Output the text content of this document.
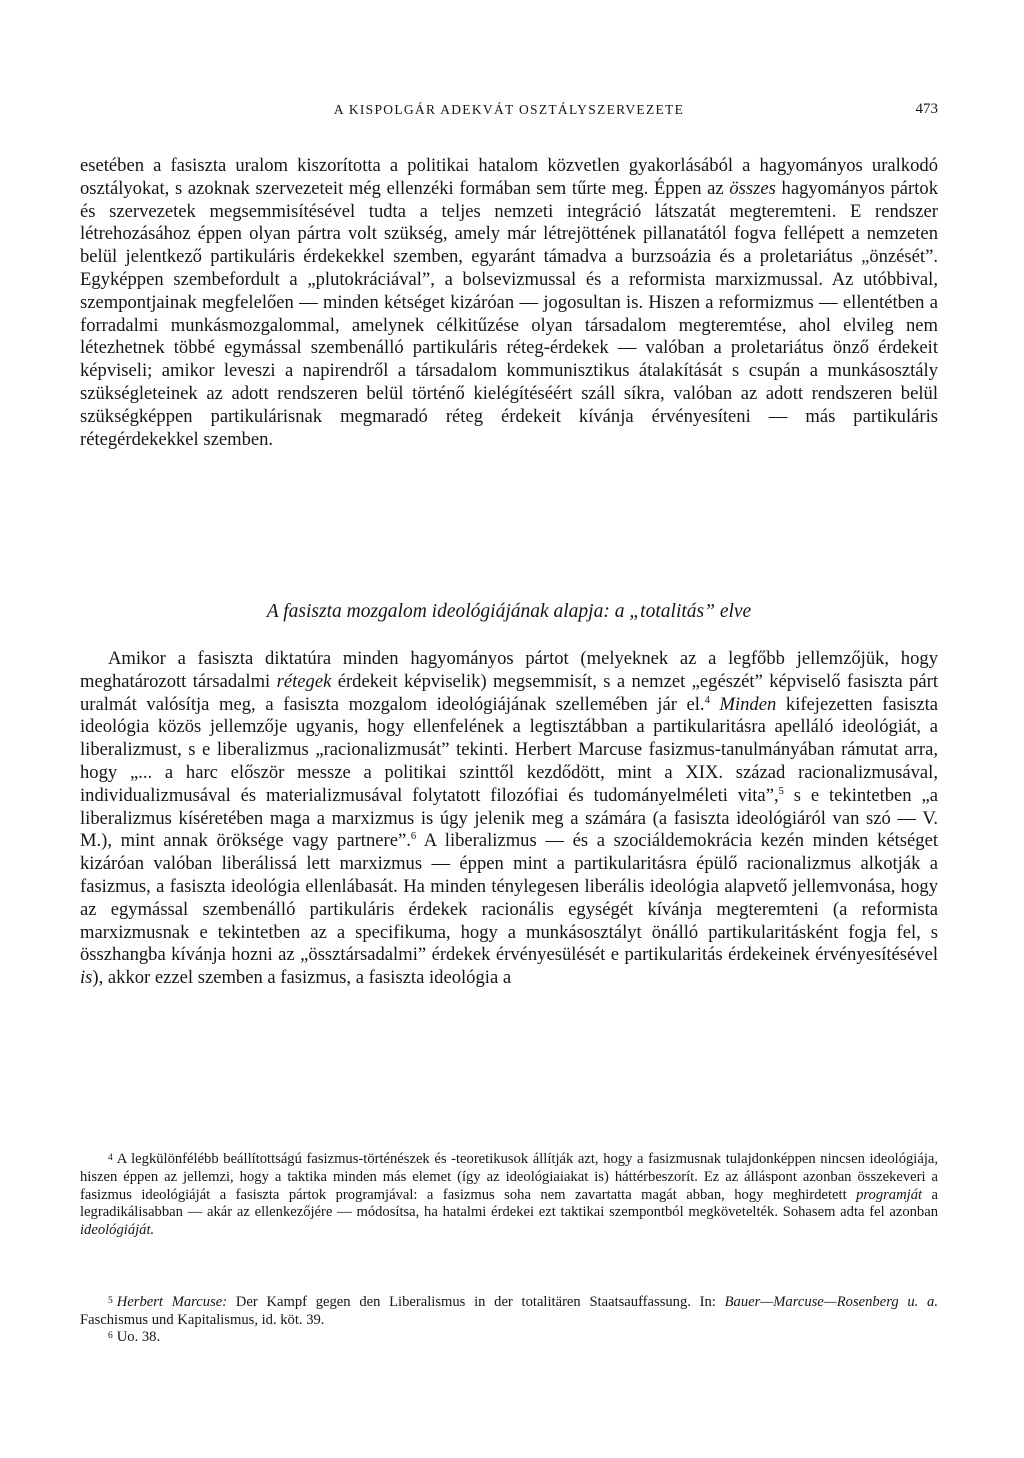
A KISPOLGÁR ADEKVÁT OSZTÁLYSZERVEZETE	473

esetében a fasiszta uralom kiszorította a politikai hatalom közvetlen gyakorlásából a hagyományos uralkodó osztályokat, s azoknak szervezeteit még ellenzéki formában sem tűrte meg. Éppen az összes hagyományos pártok és szervezetek megsemmisítésével tudta a teljes nemzeti integráció látszatát megteremteni. E rendszer létrehozásához éppen olyan pártra volt szükség, amely már létrejöttének pillanatától fogva fellépett a nemzeten belül jelentkező partikuláris érdekekkel szemben, egyaránt támadva a burzsoázia és a proletariátus „önzését”. Egyképpen szembefordult a „plutokráciával”, a bolsevizmussal és a reformista marxizmussal. Az utóbbival, szempontjainak megfelelően — minden kétséget kizáróan — jogosultan is. Hiszen a reformizmus — ellentétben a forradalmi munkásmozgalommal, amelynek célkitűzése olyan társadalom megteremtése, ahol elvileg nem létezhetnek többé egymással szembenálló partikuláris réteg-érdekek — valóban a proletariátus önző érdekeit képviseli; amikor leveszi a napirendről a társadalom kommunisztikus átalakítását s csupán a munkásosztály szükségleteinek az adott rendszeren belül történő kielégítéséért száll síkra, valóban az adott rendszeren belül szükségképpen partikulárisnak megmaradó réteg érdekeit kívánja érvényesíteni — más partikuláris rétegérdekekkel szemben.

A fasiszta mozgalom ideológiájának alapja: a „totalitás” elve

Amikor a fasiszta diktatúra minden hagyományos pártot (melyeknek az a legfőbb jellemzőjük, hogy meghatározott társadalmi rétegek érdekeit képviselik) megsemmisít, s a nemzet „egészét” képviselő fasiszta párt uralmát valósítja meg, a fasiszta mozgalom ideológiájának szellemében jár el.$^4$ Minden kifejezetten fasiszta ideológia közös jellemzője ugyanis, hogy ellenfelének a legtisztábban a partikularitásra apelláló ideológiát, a liberalizmust, s e liberalizmus „racionalizmusát” tekinti. Herbert Marcuse fasizmus-tanulmányában rámutat arra, hogy „... a harc először messze a politikai szinttől kezdődött, mint a XIX. század racionalizmusával, individualizmusával és materializmusával folytatott filozófiai és tudományelméleti vita”,$^5$ s e tekintetben „a liberalizmus kíséretében maga a marxizmus is úgy jelenik meg a számára (a fasiszta ideológiáról van szó — V. M.), mint annak öröksége vagy partnere”.$^6$ A liberalizmus — és a szociáldemokrácia kezén minden kétséget kizáróan valóban liberálissá lett marxizmus — éppen mint a partikularitásra épülő racionalizmus alkotják a fasizmus, a fasiszta ideológia ellenlábasát. Ha minden ténylegesen liberális ideológia alapvető jellemvonása, hogy az egymással szembenálló partikuláris érdekek racionális egységét kívánja megteremteni (a reformista marxizmusnak e tekintetben az a specifikuma, hogy a munkásosztályt önálló partikularitásként fogja fel, s összhangba kívánja hozni az „össztársadalmi” érdekek érvényesülését e partikularitás érdekeinek érvényesítésével is), akkor ezzel szemben a fasizmus, a fasiszta ideológia a

$^4$ A legkülönfélébb beállítottságú fasizmus-történészek és -teoretikusok állítják azt, hogy a fasizmusnak tulajdonképpen nincsen ideológiája, hiszen éppen az jellemzi, hogy a taktika minden más elemet (így az ideológiaiakat is) háttérbeszorít. Ez az álláspont azonban összekeveri a fasizmus ideológiáját a fasiszta pártok programjával: a fasizmus soha nem zavartatta magát abban, hogy meghirdetett programját a legradikálisabban — akár az ellenkezőjére — módosítsa, ha hatalmi érdekei ezt taktikai szempontból megkövetelték. Sohasem adta fel azonban ideológiáját.

$^5$ Herbert Marcuse: Der Kampf gegen den Liberalismus in der totalitären Staatsauffassung. In: Bauer—Marcuse—Rosenberg u. a. Faschismus und Kapitalismus, id. köt. 39.

$^6$ Uo. 38.
